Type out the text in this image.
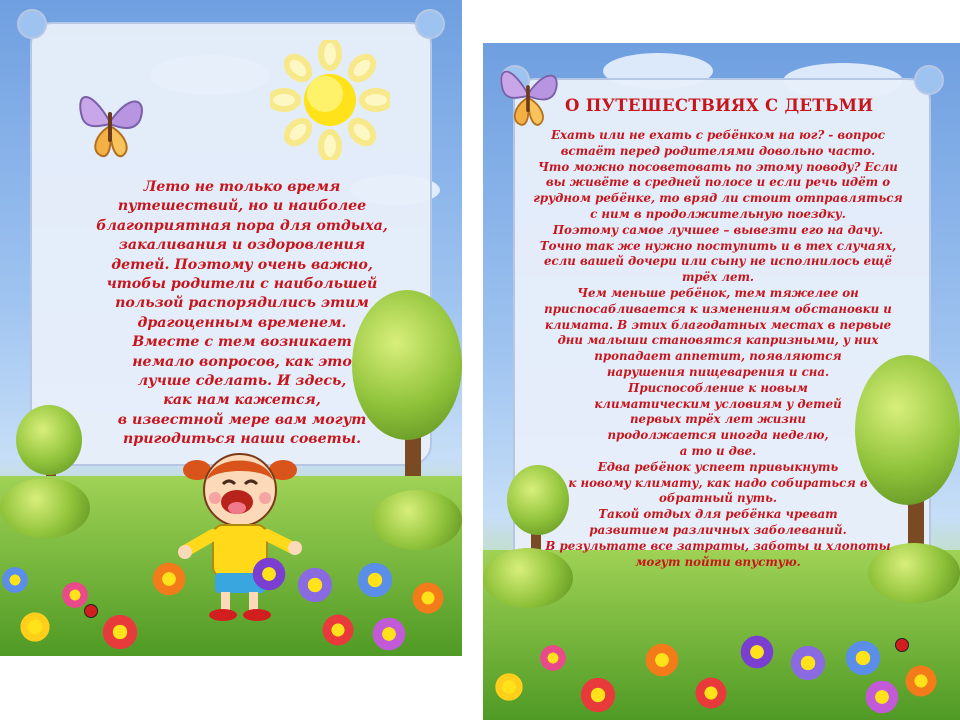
Лето не только время

путешествий, но и наиболее

благоприятная пора для отдыха,

закаливания и оздоровления

детей. Поэтому очень важно,

чтобы родители с наибольшей

пользой распорядились этим

драгоценным временем.

Вместе с тем возникает

немало вопросов, как это

лучше сделать. И здесь,

как нам кажется,

в известной мере вам могут

пригодиться наши советы.

О ПУТЕШЕСТВИЯХ С ДЕТЬМИ

Ехать или не ехать с ребёнком на юг? - вопрос

встаёт перед родителями довольно часто.

Что можно посоветовать по этому поводу? Если

вы живёте в средней полосе и если речь идёт о

грудном ребёнке, то вряд ли стоит отправляться

с ним в продолжительную поездку.

Поэтому самое лучшее – вывезти его на дачу.

Точно так же нужно поступить и в тех случаях,

если вашей дочери или сыну не исполнилось ещё

трёх лет.

Чем меньше ребёнок, тем тяжелее он

приспосабливается к изменениям обстановки и

климата. В этих благодатных местах в первые

дни малыши становятся капризными, у них

пропадает аппетит, появляются

нарушения пищеварения и сна.

Приспособление к новым

климатическим условиям у детей

первых трёх лет жизни

продолжается иногда неделю,

а то и две.

Едва ребёнок успеет привыкнуть

к новому климату, как надо собираться в

обратный путь.

Такой отдых для ребёнка чреват

развитием различных заболеваний.

В результате все затраты, заботы и хлопоты

могут пойти впустую.
